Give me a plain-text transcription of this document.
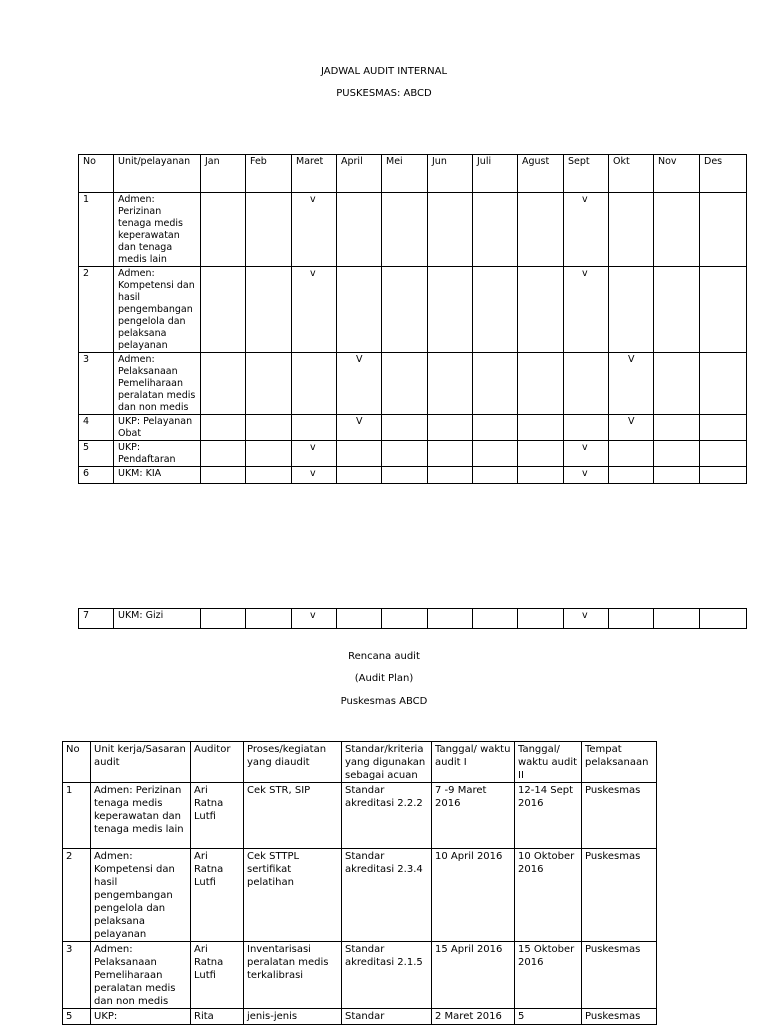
JADWAL AUDIT INTERNAL
PUSKESMAS: ABCD
No	Unit/pelayanan	Jan	Feb	Maret	April	Mei	Jun	Juli	Agust	Sept	Okt	Nov	Des
1	Admen: Perizinan tenaga medis keperawatan dan tenaga medis lain			v						v			
2	Admen: Kompetensi dan hasil pengembangan pengelola dan pelaksana pelayanan			v						v			
3	Admen: Pelaksanaan Pemeliharaan peralatan medis dan non medis				V						V		
4	UKP: Pelayanan Obat				V						V		
5	UKP: Pendaftaran			v						v			
6	UKM: KIA			v						v			
7	UKM: Gizi			v						v			
Rencana audit
(Audit Plan)
Puskesmas ABCD
No	Unit kerja/Sasaran audit	Auditor	Proses/kegiatan yang diaudit	Standar/kriteria yang digunakan sebagai acuan	Tanggal/ waktu audit I	Tanggal/ waktu audit II	Tempat pelaksanaan
1	Admen: Perizinan tenaga medis keperawatan dan tenaga medis lain	Ari Ratna Lutfi	Cek STR, SIP	Standar akreditasi 2.2.2	7 -9 Maret 2016	12-14 Sept 2016	Puskesmas
2	Admen: Kompetensi dan hasil pengembangan pengelola dan pelaksana pelayanan	Ari Ratna Lutfi	Cek STTPL sertifikat pelatihan	Standar akreditasi 2.3.4	10 April 2016	10 Oktober 2016	Puskesmas
3	Admen: Pelaksanaan Pemeliharaan peralatan medis dan non medis	Ari Ratna Lutfi	Inventarisasi peralatan medis terkalibrasi	Standar akreditasi 2.1.5	15 April 2016	15 Oktober 2016	Puskesmas
5	UKP:	Rita	jenis-jenis	Standar	2 Maret 2016	5	Puskesmas
